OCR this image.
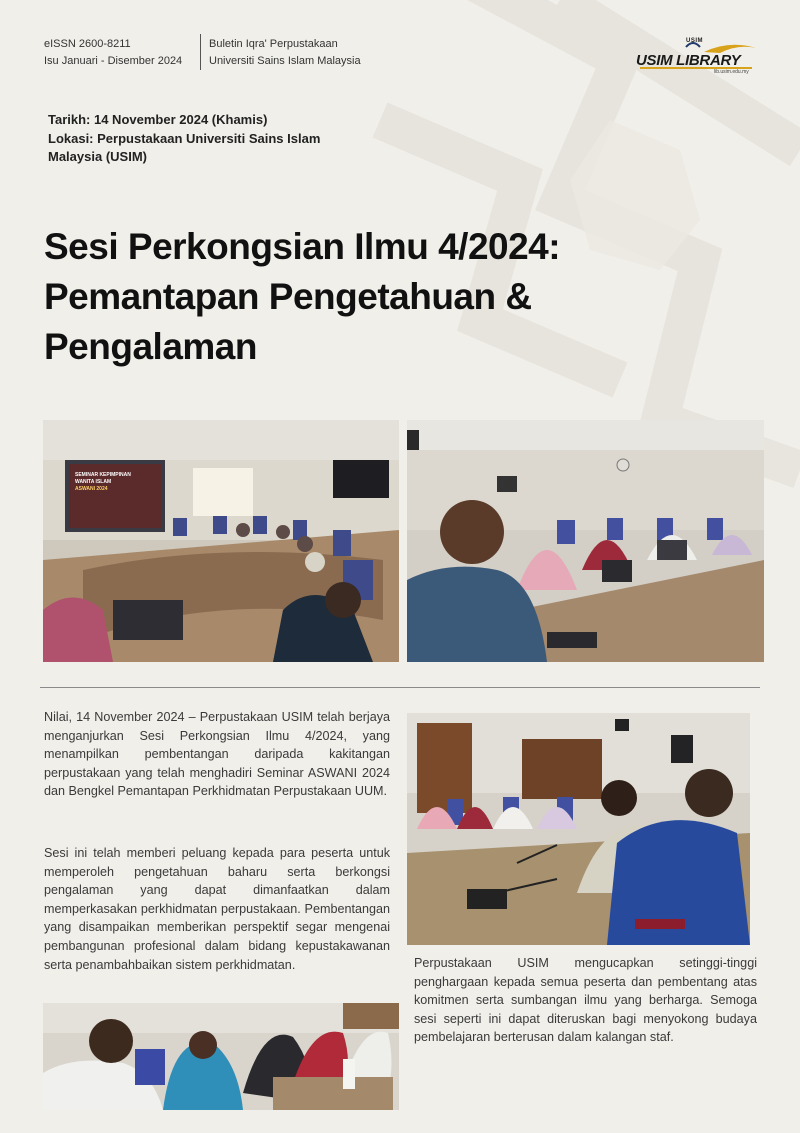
eISSN 2600-8211
Isu Januari - Disember 2024
Buletin Iqra' Perpustakaan
Universiti Sains Islam Malaysia
USIM
USIM LIBRARY
lib.usim.edu.my
Tarikh: 14 November 2024 (Khamis)
Lokasi: Perpustakaan Universiti Sains Islam Malaysia (USIM)
Sesi Perkongsian Ilmu 4/2024:
Pemantapan Pengetahuan &
Pengalaman
SEMINAR KEPIMPINAN
WANITA ISLAM
ASWANI 2024

Nilai, 14 November 2024 – Perpustakaan USIM telah berjaya menganjurkan Sesi Perkongsian Ilmu 4/2024, yang menampilkan pembentangan daripada kakitangan perpustakaan yang telah menghadiri Seminar ASWANI 2024 dan Bengkel Pemantapan Perkhidmatan Perpustakaan UUM.

Sesi ini telah memberi peluang kepada para peserta untuk memperoleh pengetahuan baharu serta berkongsi pengalaman yang dapat dimanfaatkan dalam memperkasakan perkhidmatan perpustakaan. Pembentangan yang disampaikan memberikan perspektif segar mengenai pembangunan profesional dalam bidang kepustakawanan serta penambahbaikan sistem perkhidmatan.	Perpustakaan USIM mengucapkan setinggi-tinggi penghargaan kepada semua peserta dan pembentang atas komitmen serta sumbangan ilmu yang berharga. Semoga sesi seperti ini dapat diteruskan bagi menyokong budaya pembelajaran berterusan dalam kalangan staf.
